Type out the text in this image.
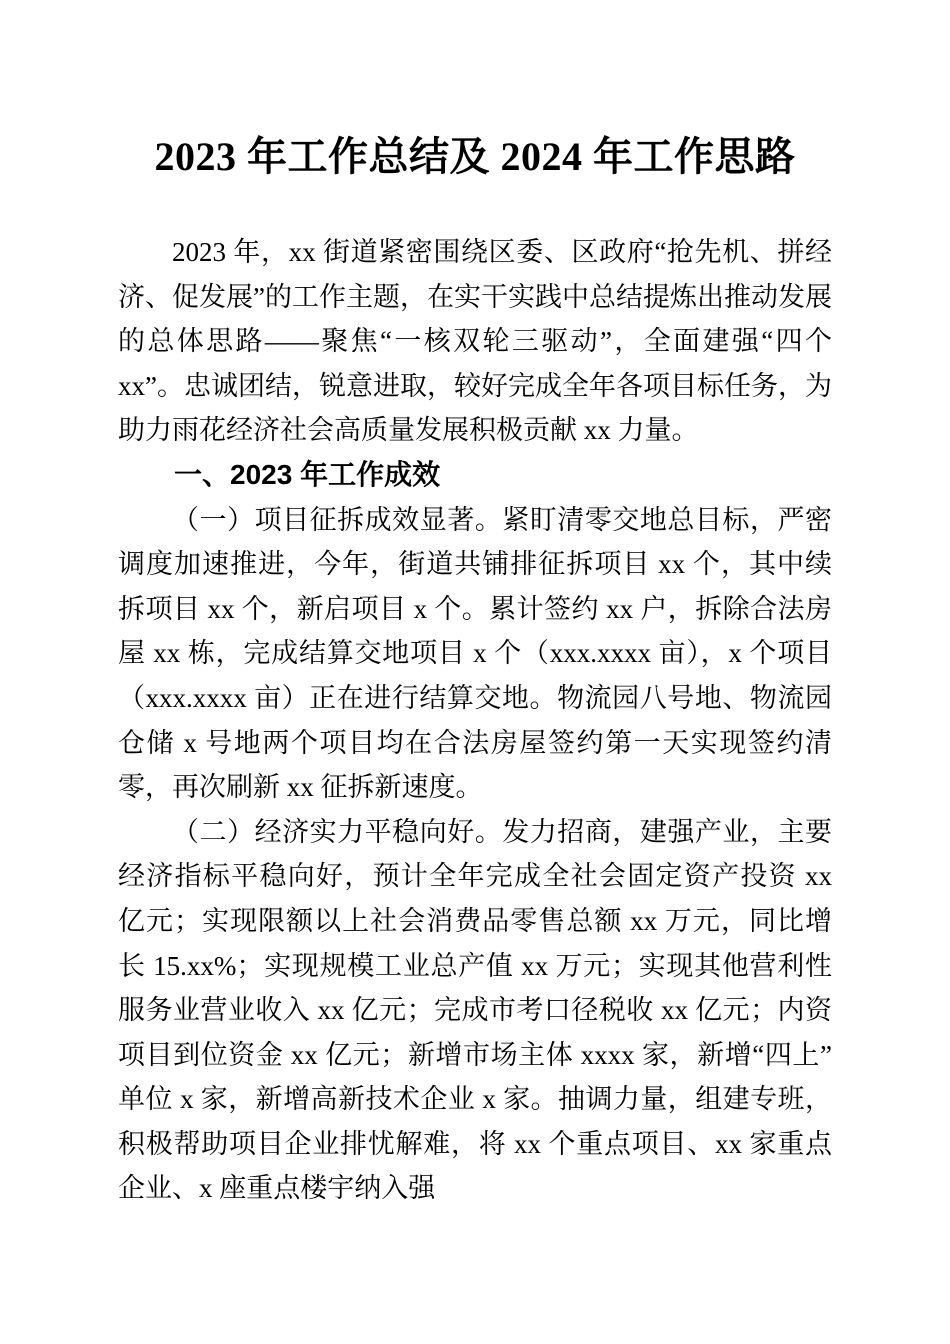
2023 年工作总结及 2024 年工作思路

2023 年，xx 街道紧密围绕区委、区政府“抢先机、拼经济、促发展”的工作主题，在实干实践中总结提炼出推动发展的总体思路——聚焦“一核双轮三驱动”，全面建强“四个 xx”。忠诚团结，锐意进取，较好完成全年各项目标任务，为助力雨花经济社会高质量发展积极贡献 xx 力量。

一、2023 年工作成效

（一）项目征拆成效显著。紧盯清零交地总目标，严密调度加速推进，今年，街道共铺排征拆项目 xx 个，其中续拆项目 xx 个，新启项目 x 个。累计签约 xx 户，拆除合法房屋 xx 栋，完成结算交地项目 x 个（xxx.xxxx 亩），x 个项目（xxx.xxxx 亩）正在进行结算交地。物流园八号地、物流园仓储 x 号地两个项目均在合法房屋签约第一天实现签约清零，再次刷新 xx 征拆新速度。

（二）经济实力平稳向好。发力招商，建强产业，主要经济指标平稳向好，预计全年完成全社会固定资产投资 xx 亿元；实现限额以上社会消费品零售总额 xx 万元，同比增长 15.xx%；实现规模工业总产值 xx 万元；实现其他营利性服务业营业收入 xx 亿元；完成市考口径税收 xx 亿元；内资项目到位资金 xx 亿元；新增市场主体 xxxx 家，新增“四上”单位 x 家，新增高新技术企业 x 家。抽调力量，组建专班，积极帮助项目企业排忧解难，将 xx 个重点项目、xx 家重点企业、x 座重点楼宇纳入强
